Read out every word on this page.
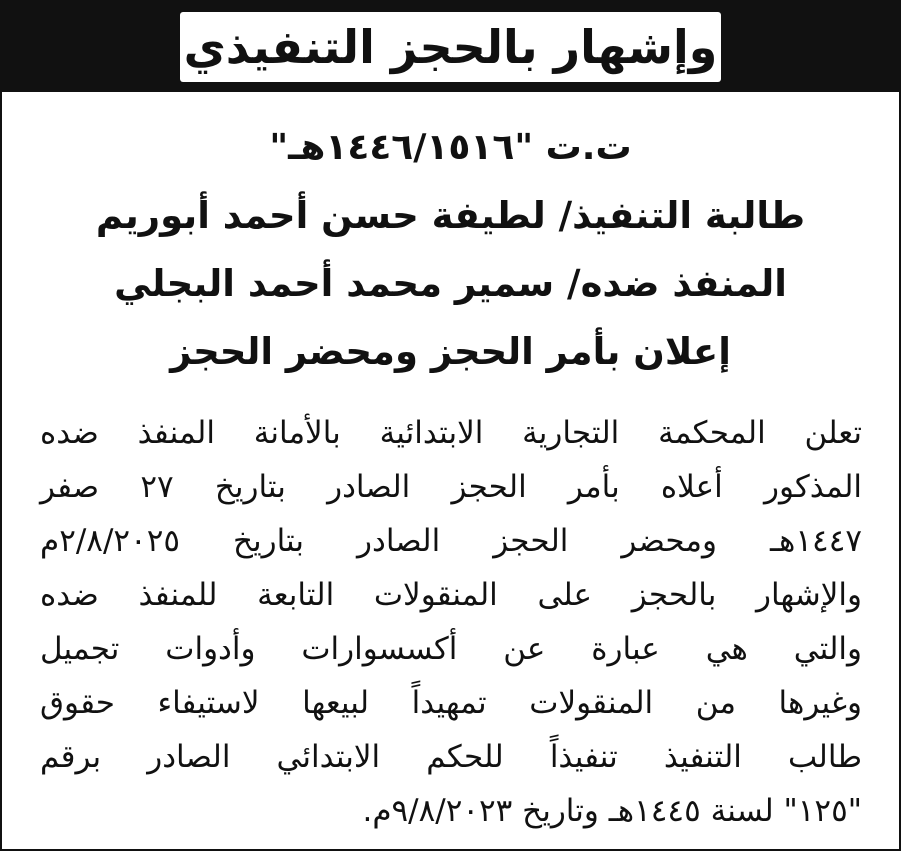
وإشهار بالحجز التنفيذي
ت.ت "١٤٤٦/١٥١٦هـ"
طالبة التنفيذ/ لطيفة حسن أحمد أبوريم
المنفذ ضده/ سمير محمد أحمد البجلي
إعلان بأمر الحجز ومحضر الحجز
تعلن المحكمة التجارية الابتدائية بالأمانة المنفذ ضده
المذكور أعلاه بأمر الحجز الصادر بتاريخ ٢٧ صفر
١٤٤٧هـ ومحضر الحجز الصادر بتاريخ ٢/٨/٢٠٢٥م
والإشهار بالحجز على المنقولات التابعة للمنفذ ضده
والتي هي عبارة عن أكسسوارات وأدوات تجميل
وغيرها من المنقولات تمهيداً لبيعها لاستيفاء حقوق
طالب التنفيذ تنفيذاً للحكم الابتدائي الصادر برقم
"١٢٥" لسنة ١٤٤٥هـ وتاريخ ٩/٨/٢٠٢٣م.
